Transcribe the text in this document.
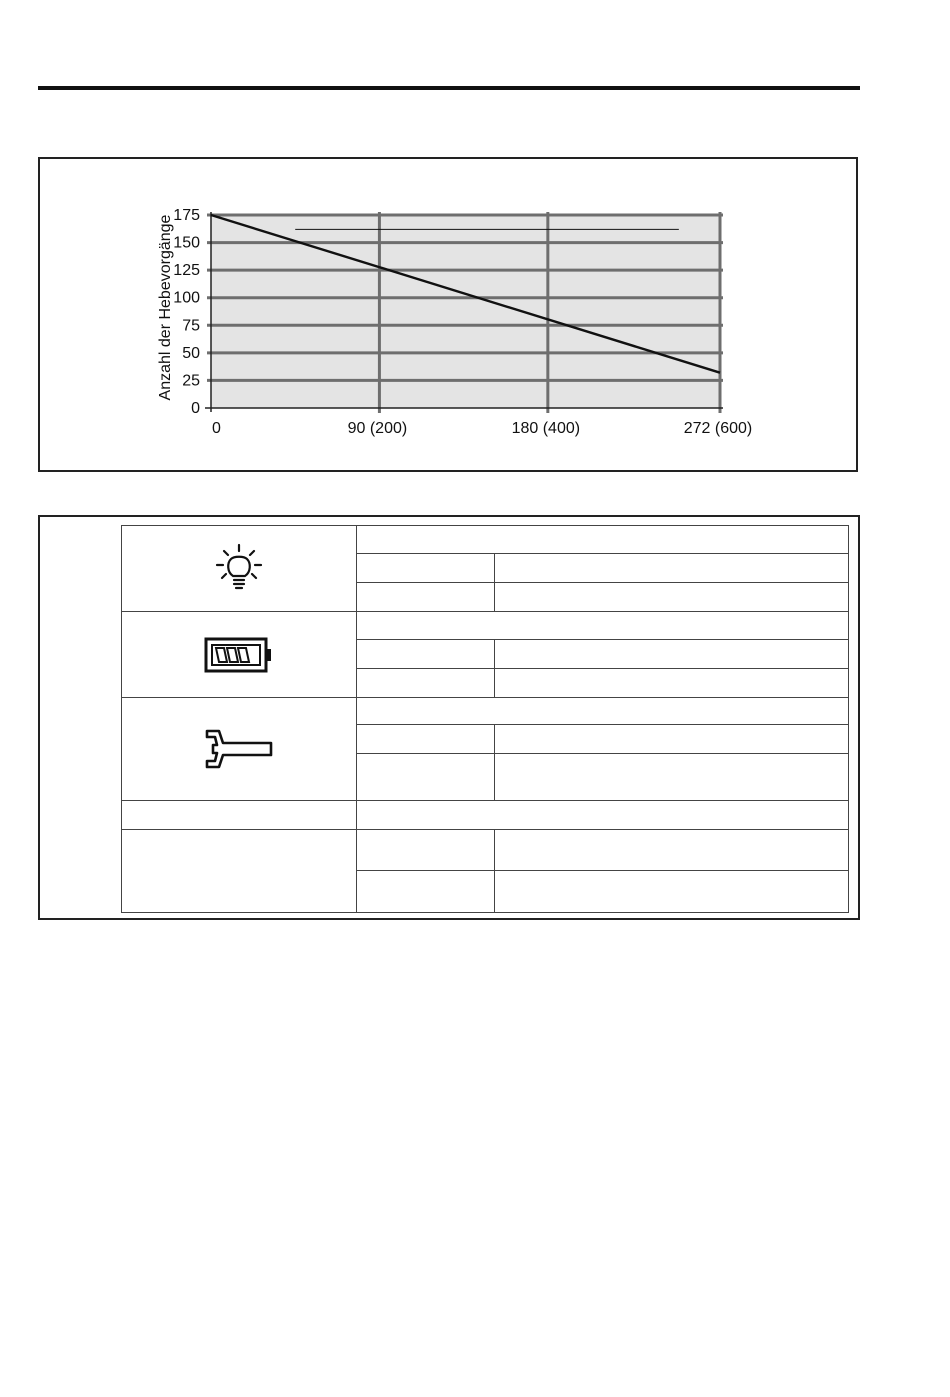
0
25
50
75
100
125
150
175
0	90 (200)	180 (400)	272 (600)
Anzahl der Hebevorgänge
